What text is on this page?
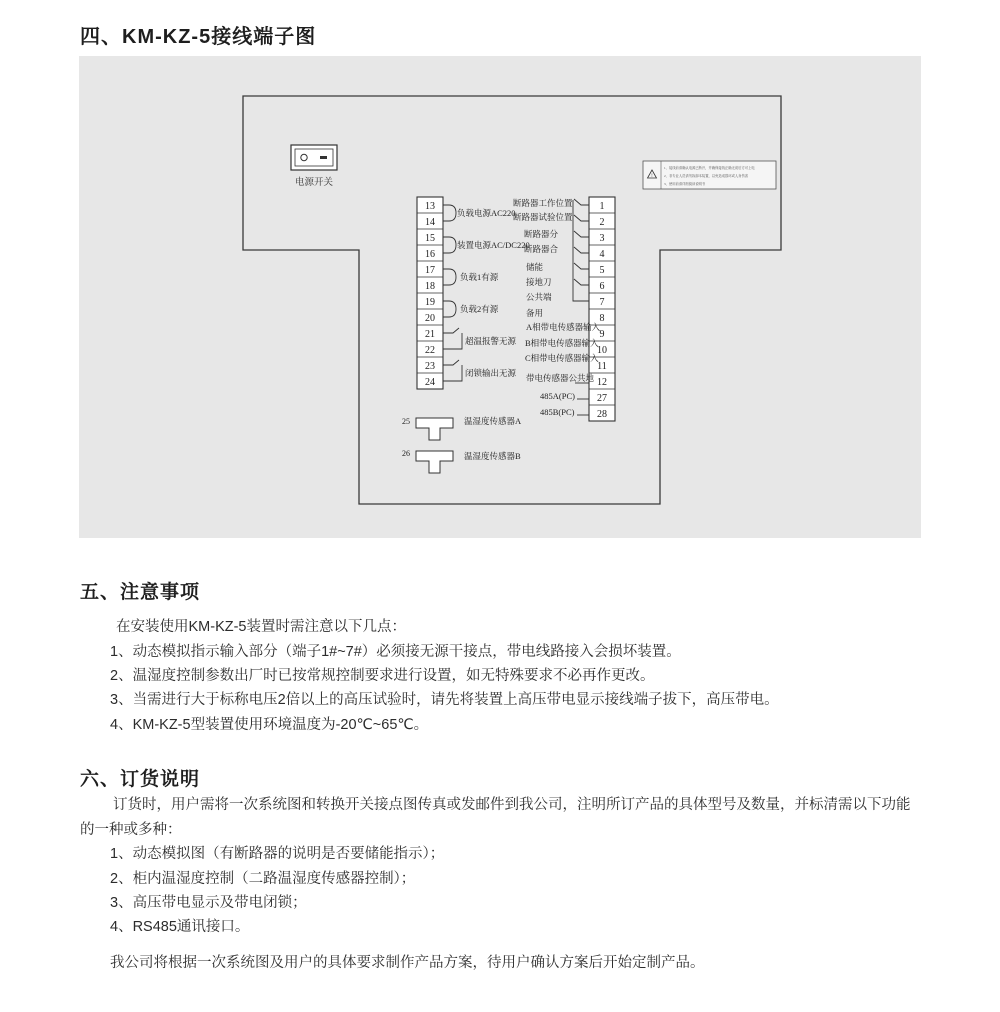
四、KM-KZ-5接线端子图
电源开关
!
1、接线前请确认电源已断开，并确保接线正确无误后方可上电
2、非专业人员请勿拆卸本装置，以免造成损坏或人身伤害
3、使用前请详细阅读说明书
13
14
15
16
17
18
19
20
21
22
23
24
负载电源AC220
装置电源AC/DC220
负载1有源
负载2有源
超温报警无源
闭锁输出无源
1
2
3
4
5
6
7
8
9
10
11
12
27
28
断路器工作位置
断路器试验位置
断路器分
断路器合
储能
接地刀
公共端
备用
A相带电传感器输入
B相带电传感器输入
C相带电传感器输入
带电传感器公共地
485A(PC)
485B(PC)
25	温湿度传感器A
26	温湿度传感器B
五、注意事项

在安装使用KM-KZ-5装置时需注意以下几点：

1、动态模拟指示输入部分（端子1#~7#）必须接无源干接点，带电线路接入会损坏装置。

2、温湿度控制参数出厂时已按常规控制要求进行设置，如无特殊要求不必再作更改。

3、当需进行大于标称电压2倍以上的高压试验时，请先将装置上高压带电显示接线端子拔下，高压带电。

4、KM-KZ-5型装置使用环境温度为-20℃~65℃。

六、订货说明

订货时，用户需将一次系统图和转换开关接点图传真或发邮件到我公司，注明所订产品的具体型号及数量，并标清需以下功能的一种或多种：

1、动态模拟图（有断路器的说明是否要储能指示）；

2、柜内温湿度控制（二路温湿度传感器控制）；

3、高压带电显示及带电闭锁；

4、RS485通讯接口。

我公司将根据一次系统图及用户的具体要求制作产品方案，待用户确认方案后开始定制产品。
